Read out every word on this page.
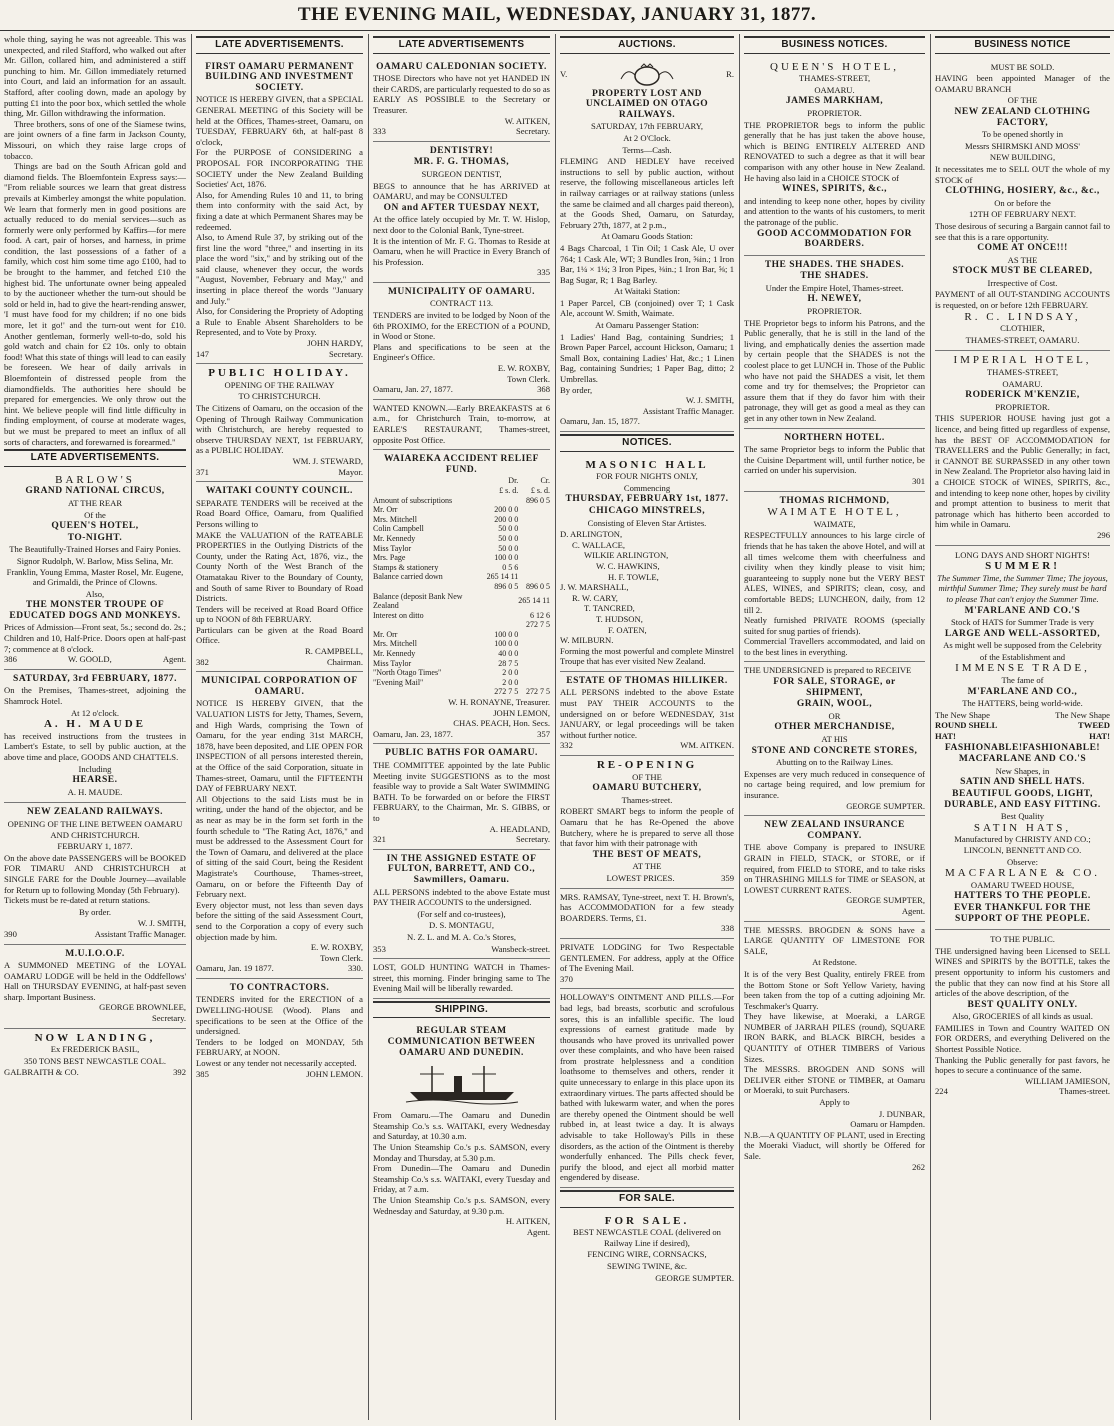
THE EVENING MAIL, WEDNESDAY, JANUARY 31, 1877.

whole thing, saying he was not agreeable. This was unexpected, and riled Stafford, who walked out after Mr. Gillon, collared him, and administered a stiff punching to him. Mr. Gillon immediately returned into Court, and laid an information for an assault. Stafford, after cooling down, made an apology by putting £1 into the poor box, which settled the whole thing, Mr. Gillon withdrawing the information.

Three brothers, sons of one of the Siamese twins, are joint owners of a fine farm in Jackson County, Missouri, on which they raise large crops of tobacco.

Things are bad on the South African gold and diamond fields. The Bloemfontein Express says:— "From reliable sources we learn that great distress prevails at Kimberley amongst the white population. We learn that formerly men in good positions are actually reduced to do menial services—such as formerly were only performed by Kaffirs—for mere food. A cart, pair of horses, and harness, in prime condition, the last possessions of a father of a family, which cost him some time ago £100, had to be brought to the hammer, and fetched £10 the highest bid. The unfortunate owner being appealed to by the auctioneer whether the turn-out should be sold or held in, had to give the heart-rending answer, 'I must have food for my children; if no one bids more, let it go!' and the turn-out went for £10. Another gentleman, formerly well-to-do, sold his gold watch and chain for £2 10s. only to obtain food! What this state of things will lead to can easily be foreseen. We hear of daily arrivals in Bloemfontein of distressed people from the diamondfields. The authorities here should be prepared for emergencies. We only throw out the hint. We believe people will find little difficulty in finding employment, of course at moderate wages, but we must be prepared to meet an influx of all sorts of characters, and forewarned is forearmed."

LATE ADVERTISEMENTS.
BARLOW'S
GRAND NATIONAL CIRCUS,
AT THE REAR
Of the
QUEEN'S HOTEL,
TO-NIGHT.
The Beautifully-Trained Horses and Fairy Ponies.
Signor Rudolph, W. Barlow, Miss Selina, Mr. Franklin, Young Emma, Master Rosel, Mr. Eugene, and Grimaldi, the Prince of Clowns.
Also,
THE MONSTER TROUPE OF EDUCATED DOGS AND MONKEYS.

Prices of Admission—Front seat, 5s.; second do. 2s.; Children and 10, Half-Price. Doors open at half-past 7; commence at 8 o'clock.

386	W. GOOLD,	Agent.
SATURDAY, 3rd FEBRUARY, 1877.

On the Premises, Thames-street, adjoining the Shamrock Hotel.

At 12 o'clock.
A. H. MAUDE

has received instructions from the trustees in Lambert's Estate, to sell by public auction, at the above time and place, GOODS AND CHATTELS.

Including
HEARSE.
A. H. MAUDE.
NEW ZEALAND RAILWAYS.
OPENING OF THE LINE BETWEEN OAMARU AND CHRISTCHURCH.
FEBRUARY 1, 1877.

On the above date PASSENGERS will be BOOKED FOR TIMARU AND CHRISTCHURCH at SINGLE FARE for the Double Journey—available for Return up to following Monday (5th February).

Tickets must be re-dated at return stations.

By order.
W. J. SMITH,
390	Assistant Traffic Manager.
M.U.I.O.O.F.

A SUMMONED MEETING of the LOYAL OAMARU LODGE will be held in the Oddfellows' Hall on THURSDAY EVENING, at half-past seven sharp. Important Business.

GEORGE BROWNLEE,
Secretary.
NOW LANDING,
Ex FREDERICK BASIL,
350 TONS BEST NEWCASTLE COAL.
GALBRAITH & CO.	392
LATE ADVERTISEMENTS.
FIRST OAMARU PERMANENT BUILDING AND INVESTMENT SOCIETY.

NOTICE IS HEREBY GIVEN, that a SPECIAL GENERAL MEETING of this Society will be held at the Offices, Thames-street, Oamaru, on TUESDAY, FEBRUARY 6th, at half-past 8 o'clock,

For the PURPOSE of CONSIDERING a PROPOSAL FOR INCORPORATING THE SOCIETY under the New Zealand Building Societies' Act, 1876.

Also, for Amending Rules 10 and 11, to bring them into conformity with the said Act, by fixing a date at which Permanent Shares may be redeemed.

Also, to Amend Rule 37, by striking out of the first line the word "three," and inserting in its place the word "six," and by striking out of the said clause, whenever they occur, the words "August, November, February and May," and inserting in place thereof the words "January and July."

Also, for Considering the Propriety of Adopting a Rule to Enable Absent Shareholders to be Represented, and to Vote by Proxy.

JOHN HARDY,
147	Secretary.
PUBLIC HOLIDAY.
OPENING OF THE RAILWAY
TO CHRISTCHURCH.

The Citizens of Oamaru, on the occasion of the Opening of Through Railway Communication with Christchurch, are hereby requested to observe THURSDAY NEXT, 1st FEBRUARY, as a PUBLIC HOLIDAY.

WM. J. STEWARD,
371	Mayor.
WAITAKI COUNTY COUNCIL.

SEPARATE TENDERS will be received at the Road Board Office, Oamaru, from Qualified Persons willing to

MAKE the VALUATION of the RATEABLE PROPERTIES in the Outlying Districts of the County, under the Rating Act, 1876, viz., the County North of the West Branch of the Otamatakau River to the Boundary of County, and South of same River to Boundary of Road Districts.

Tenders will be received at Road Board Office up to NOON of 8th FEBRUARY.

Particulars can be given at the Road Board Office.

R. CAMPBELL,
382	Chairman.
MUNICIPAL CORPORATION OF OAMARU.

NOTICE IS HEREBY GIVEN, that the VALUATION LISTS for Jetty, Thames, Severn, and High Wards, comprising the Town of Oamaru, for the year ending 31st MARCH, 1878, have been deposited, and LIE OPEN FOR INSPECTION of all persons interested therein, at the Office of the said Corporation, situate in Thames-street, Oamaru, until the FIFTEENTH DAY of FEBRUARY NEXT.

All Objections to the said Lists must be in writing, under the hand of the objector, and be as near as may be in the form set forth in the fourth schedule to "The Rating Act, 1876," and must be addressed to the Assessment Court for the Town of Oamaru, and delivered at the place of sitting of the said Court, being the Resident Magistrate's Courthouse, Thames-street, Oamaru, on or before the Fifteenth Day of February next.

Every objector must, not less than seven days before the sitting of the said Assessment Court, send to the Corporation a copy of every such objection made by him.

E. W. ROXBY,
Town Clerk.
Oamaru, Jan. 19 1877.	330.
TO CONTRACTORS.

TENDERS invited for the ERECTION of a DWELLING-HOUSE (Wood). Plans and specifications to be seen at the Office of the undersigned.

Tenders to be lodged on MONDAY, 5th FEBRUARY, at NOON.

Lowest or any tender not necessarily accepted.

385	JOHN LEMON.
LATE ADVERTISEMENTS
OAMARU CALEDONIAN SOCIETY.

THOSE Directors who have not yet HANDED IN their CARDS, are particularly requested to do so as EARLY AS POSSIBLE to the Secretary or Treasurer.

W. AITKEN,
333	Secretary.
DENTISTRY!
MR. F. G. THOMAS,
SURGEON DENTIST,

BEGS to announce that he has ARRIVED at OAMARU, and may be CONSULTED

ON and AFTER TUESDAY NEXT,

At the office lately occupied by Mr. T. W. Hislop, next door to the Colonial Bank, Tyne-street.

It is the intention of Mr. F. G. Thomas to Reside at Oamaru, when he will Practice in Every Branch of his Profession.

335
MUNICIPALITY OF OAMARU.
CONTRACT 113.

TENDERS are invited to be lodged by Noon of the 6th PROXIMO, for the ERECTION of a POUND, in Wood or Stone.

Plans and specifications to be seen at the Engineer's Office.

E. W. ROXBY,
Town Clerk.
Oamaru, Jan. 27, 1877.	368

WANTED KNOWN.—Early BREAKFASTS at 6 a.m., for Christchurch Train, to-morrow, at EARLE'S RESTAURANT, Thames-street, opposite Post Office.

WAIAREKA ACCIDENT RELIEF FUND.
	Dr.	Cr.
	£ s. d.	£ s. d.
Amount of subscriptions		896 0 5
Mr. Orr	200 0 0	
Mrs. Mitchell	200 0 0	
Colin Campbell	50 0 0	
Mr. Kennedy	50 0 0	
Miss Taylor	50 0 0	
Mrs. Page	100 0 0	
Stamps & stationery	0 5 6	
Balance carried down	265 14 11	
	896 0 5	896 0 5
Balance (deposit Bank New Zealand		265 14 11
Interest on ditto		6 12 6
		272 7 5
Mr. Orr	100 0 0	
Mrs. Mitchell	100 0 0	
Mr. Kennedy	40 0 0	
Miss Taylor	28 7 5	
"North Otago Times"	2 0 0	
"Evening Mail"	2 0 0	
	272 7 5	272 7 5
W. H. RONAYNE, Treasurer.
JOHN LEMON,
CHAS. PEACH, Hon. Secs.
Oamaru, Jan. 23, 1877.	357
PUBLIC BATHS FOR OAMARU.

THE COMMITTEE appointed by the late Public Meeting invite SUGGESTIONS as to the most feasible way to provide a Salt Water SWIMMING BATH. To be forwarded on or before the FIRST FEBRUARY, to the Chairman, Mr. S. GIBBS, or to

A. HEADLAND,
321	Secretary.
IN THE ASSIGNED ESTATE OF FULTON, BARRETT, AND CO., Sawmillers, Oamaru.

ALL PERSONS indebted to the above Estate must PAY THEIR ACCOUNTS to the undersigned.

(For self and co-trustees),
D. S. MONTAGU,
N. Z. L. and M. A. Co.'s Stores,
353	Wansbeck-street.

LOST, GOLD HUNTING WATCH in Thames-street, this morning. Finder bringing same to The Evening Mail will be liberally rewarded.

SHIPPING.
REGULAR STEAM COMMUNICATION BETWEEN OAMARU AND DUNEDIN.

From Oamaru.—The Oamaru and Dunedin Steamship Co.'s s.s. WAITAKI, every Wednesday and Saturday, at 10.30 a.m.

The Union Steamship Co.'s p.s. SAMSON, every Monday and Thursday, at 5.30 p.m.

From Dunedin—The Oamaru and Dunedin Steamship Co.'s s.s. WAITAKI, every Tuesday and Friday, at 7 a.m.

The Union Steamship Co.'s p.s. SAMSON, every Wednesday and Saturday, at 9.30 p.m.

H. AITKEN,
Agent.
AUCTIONS.
V.	R.
PROPERTY LOST AND UNCLAIMED ON OTAGO RAILWAYS.
SATURDAY, 17th FEBRUARY,
At 2 O'Clock.
Terms—Cash.

FLEMING AND HEDLEY have received instructions to sell by public auction, without reserve, the following miscellaneous articles left in railway carriages or at railway stations (unless the same be claimed and all charges paid thereon), at the Goods Shed, Oamaru, on Saturday, February 27th, 1877, at 2 p.m.,

At Oamaru Goods Station:

4 Bags Charcoal, 1 Tin Oil; 1 Cask Ale, U over 764; 1 Cask Ale, WT; 3 Bundles Iron, ⅝in.; 1 Iron Bar, 1¼ × 1¼; 3 Iron Pipes, ⅜in.; 1 Iron Bar, ⅝; 1 Bag Sugar, R; 1 Bag Barley.

At Waitaki Station:

1 Paper Parcel, CB (conjoined) over T; 1 Cask Ale, account W. Smith, Waimate.

At Oamaru Passenger Station:

1 Ladies' Hand Bag, containing Sundries; 1 Brown Paper Parcel, account Hickson, Oamaru; 1 Small Box, containing Ladies' Hat, &c.; 1 Linen Bag, containing Sundries; 1 Paper Bag, ditto; 2 Umbrellas.

By order,
W. J. SMITH,
Assistant Traffic Manager.
Oamaru, Jan. 15, 1877.
NOTICES.
MASONIC HALL
FOR FOUR NIGHTS ONLY,
Commencing
THURSDAY, FEBRUARY 1st, 1877.
CHICAGO MINSTRELS,
Consisting of Eleven Star Artistes.
D. ARLINGTON,
C. WALLACE,
WILKIE ARLINGTON,
W. C. HAWKINS,
H. F. TOWLE,
J. W. MARSHALL,
R. W. CARY,
T. TANCRED,
T. HUDSON,
F. OATEN,
W. MILBURN.

Forming the most powerful and complete Minstrel Troupe that has ever visited New Zealand.

ESTATE OF THOMAS HILLIKER.

ALL PERSONS indebted to the above Estate must PAY THEIR ACCOUNTS to the undersigned on or before WEDNESDAY, 31st JANUARY, or legal proceedings will be taken without further notice.

332	WM. AITKEN.
RE-OPENING
OF THE
OAMARU BUTCHERY,
Thames-street.

ROBERT SMART begs to inform the people of Oamaru that he has Re-Opened the above Butchery, where he is prepared to serve all those that favor him with their patronage with

THE BEST OF MEATS,
AT THE
LOWEST PRICES.	359

MRS. RAMSAY, Tyne-street, next T. H. Brown's, has ACCOMMODATION for a few steady BOARDERS. Terms, £1.

338

PRIVATE LODGING for Two Respectable GENTLEMEN. For address, apply at the Office of The Evening Mail.

370

HOLLOWAY'S OINTMENT AND PILLS.—For bad legs, bad breasts, scorbutic and scrofulous sores, this is an infallible specific. The loud expressions of earnest gratitude made by thousands who have proved its unrivalled power over these complaints, and who have been raised from prostrate helplessness and a condition loathsome to themselves and others, render it quite unnecessary to enlarge in this place upon its extraordinary virtues. The parts affected should be bathed with lukewarm water, and when the pores are thereby opened the Ointment should be well rubbed in, at least twice a day. It is always advisable to take Holloway's Pills in these disorders, as the action of the Ointment is thereby wonderfully enhanced. The Pills check fever, purify the blood, and eject all morbid matter engendered by disease.

FOR SALE.
FOR SALE.
BEST NEWCASTLE COAL (delivered on Railway Line if desired),
FENCING WIRE, CORNSACKS,
SEWING TWINE, &c.
GEORGE SUMPTER.
BUSINESS NOTICES.
QUEEN'S HOTEL,
THAMES-STREET,
OAMARU.
JAMES MARKHAM,
PROPRIETOR.

THE PROPRIETOR begs to inform the public generally that he has just taken the above house, which is BEING ENTIRELY ALTERED AND RENOVATED to such a degree as that it will bear comparison with any other house in New Zealand. He having also laid in a CHOICE STOCK of

WINES, SPIRITS, &c.,

and intending to keep none other, hopes by civility and attention to the wants of his customers, to merit the patronage of the public.

GOOD ACCOMMODATION FOR BOARDERS.
THE SHADES. THE SHADES.
THE SHADES.
Under the Empire Hotel, Thames-street.
H. NEWEY,
PROPRIETOR.

THE Proprietor begs to inform his Patrons, and the Public generally, that he is still in the land of the living, and emphatically denies the assertion made by certain people that the SHADES is not the coolest place to get LUNCH in. Those of the Public who have not paid the SHADES a visit, let them come and try for themselves; the Proprietor can assure them that if they do favor him with their patronage, they will get as good a meal as they can get in any other town in New Zealand.

NORTHERN HOTEL.

The same Proprietor begs to inform the Public that the Cuisine Department will, until further notice, be carried on under his supervision.

301
THOMAS RICHMOND,
WAIMATE HOTEL,
WAIMATE,

RESPECTFULLY announces to his large circle of friends that he has taken the above Hotel, and will at all times welcome them with cheerfulness and civility when they kindly please to visit him; guaranteeing to supply none but the VERY BEST ALES, WINES, and SPIRITS; clean, cosy, and comfortable BEDS; LUNCHEON, daily, from 12 till 2.

Neatly furnished PRIVATE ROOMS (specially suited for snug parties of friends).

Commercial Travellers accommodated, and laid on to the best lines in everything.

THE UNDERSIGNED is prepared to RECEIVE

FOR SALE, STORAGE, or SHIPMENT,
GRAIN, WOOL,
OR
OTHER MERCHANDISE,
AT HIS
STONE AND CONCRETE STORES,
Abutting on to the Railway Lines.

Expenses are very much reduced in consequence of no cartage being required, and low premium for insurance.

GEORGE SUMPTER.
NEW ZEALAND INSURANCE COMPANY.

THE above Company is prepared to INSURE GRAIN in FIELD, STACK, or STORE, or if required, from FIELD to STORE, and to take risks on THRASHING MILLS for TIME or SEASON, at LOWEST CURRENT RATES.

GEORGE SUMPTER,
Agent.

THE MESSRS. BROGDEN & SONS have a LARGE QUANTITY OF LIMESTONE FOR SALE,

At Redstone.

It is of the very Best Quality, entirely FREE from the Bottom Stone or Soft Yellow Variety, having been taken from the top of a cutting adjoining Mr. Teschmaker's Quarry.

They have likewise, at Moeraki, a LARGE NUMBER of JARRAH PILES (round), SQUARE IRON BARK, and BLACK BIRCH, besides a QUANTITY of OTHER TIMBERS of Various Sizes.

The MESSRS. BROGDEN AND SONS will DELIVER either STONE or TIMBER, at Oamaru or Moeraki, to suit Purchasers.

Apply to
J. DUNBAR,
Oamaru or Hampden.

N.B.—A QUANTITY OF PLANT, used in Erecting the Moeraki Viaduct, will shortly be Offered for Sale.

262
BUSINESS NOTICE
MUST BE SOLD.

HAVING been appointed Manager of the OAMARU BRANCH

OF THE
NEW ZEALAND CLOTHING FACTORY,
To be opened shortly in
Messrs SHIRMSKI AND MOSS'
NEW BUILDING,

It necessitates me to SELL OUT the whole of my STOCK of

CLOTHING, HOSIERY, &c., &c.,
On or before the
12TH OF FEBRUARY NEXT.

Those desirous of securing a Bargain cannot fail to see that this is a rare opportunity.

COME AT ONCE!!!
AS THE
STOCK MUST BE CLEARED,
Irrespective of Cost.

PAYMENT of all OUT-STANDING ACCOUNTS is requested, on or before 12th FEBRUARY.

R. C. LINDSAY,
CLOTHIER,
THAMES-STREET, OAMARU.
IMPERIAL HOTEL,
THAMES-STREET,
OAMARU.
RODERICK M'KENZIE,
PROPRIETOR.

THIS SUPERIOR HOUSE having just got a licence, and being fitted up regardless of expense, has the BEST OF ACCOMMODATION for TRAVELLERS and the Public Generally; in fact, it CANNOT BE SURPASSED in any other town in New Zealand. The Proprietor also having laid in a CHOICE STOCK of WINES, SPIRITS, &c., and intending to keep none other, hopes by civility and prompt attention to business to merit that patronage which has hitherto been accorded to him while in Oamaru.

296
LONG DAYS AND SHORT NIGHTS!
SUMMER!
The Summer Time, the Summer Time; The joyous, mirthful Summer Time; They surely must be hard to please That can't enjoy the Summer Time.
M'FARLANE AND CO.'S
Stock of HATS for Summer Trade is very
LARGE AND WELL-ASSORTED,
As might well be supposed from the Celebrity
of the Establishment and
IMMENSE TRADE,
The fame of
M'FARLANE AND CO.,
The HATTERS, being world-wide.
The New Shape	The New Shape
ROUND SHELL	TWEED
HAT!	HAT!
FASHIONABLE!FASHIONABLE!
MACFARLANE AND CO.'S
New Shapes, in
SATIN AND SHELL HATS.
BEAUTIFUL GOODS, LIGHT, DURABLE, AND EASY FITTING.
Best Quality
SATIN HATS,
Manufactured by CHRISTY AND CO.; LINCOLN, BENNETT AND CO.
Observe:
MACFARLANE & CO.
OAMARU TWEED HOUSE,
HATTERS TO THE PEOPLE.
EVER THANKFUL FOR THE SUPPORT OF THE PEOPLE.
TO THE PUBLIC.

THE undersigned having been Licensed to SELL WINES and SPIRITS by the BOTTLE, takes the present opportunity to inform his customers and the public that they can now find at his Store all articles of the above description, of the

BEST QUALITY ONLY.
Also, GROCERIES of all kinds as usual.

FAMILIES in Town and Country WAITED ON FOR ORDERS, and everything Delivered on the Shortest Possible Notice.

Thanking the Public generally for past favors, he hopes to secure a continuance of the same.

WILLIAM JAMIESON,
224	Thames-street.
